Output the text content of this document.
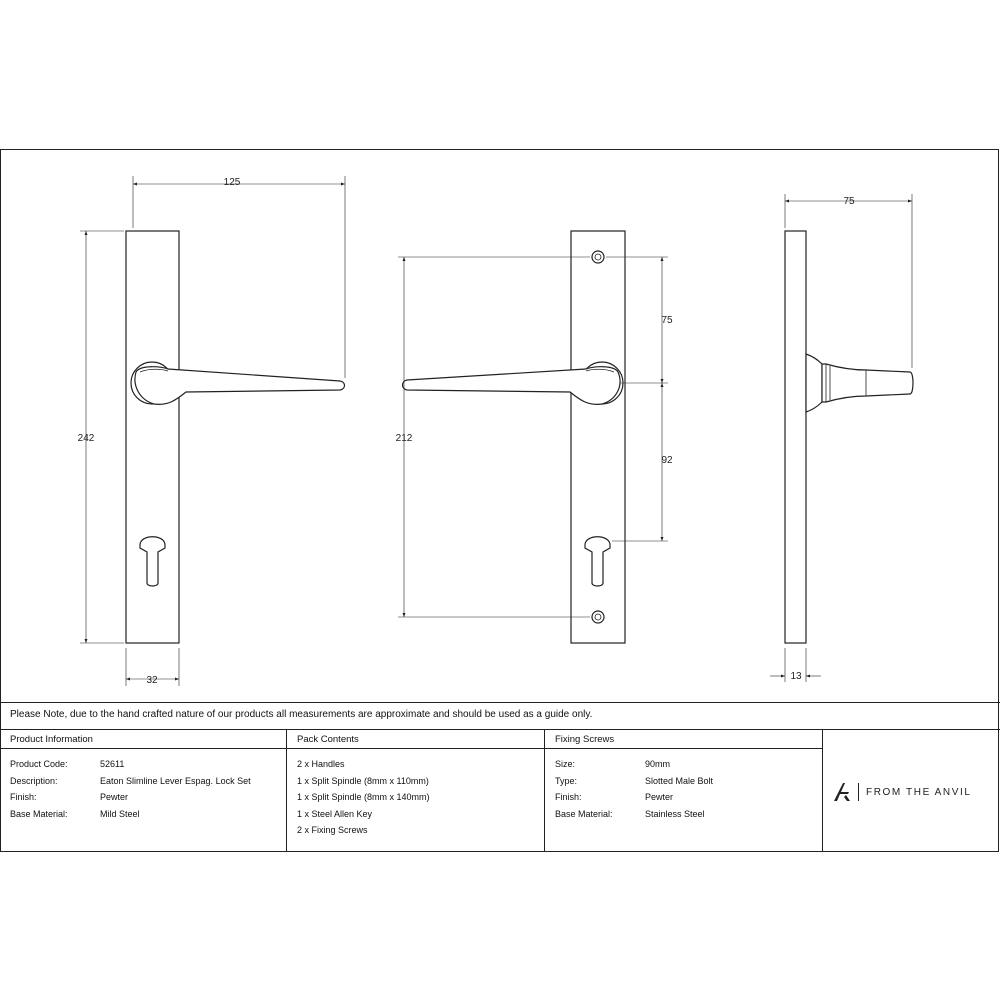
125
242
32
212
75
92
75
13
Please Note, due to the hand crafted nature of our products all measurements are approximate and should be used as a guide only.
Product Information
Product Code:	52611
Description:	Eaton Slimline Lever Espag. Lock Set
Finish:	Pewter
Base Material:	Mild Steel
Pack Contents
2 x Handles
1 x Split Spindle (8mm x 110mm)
1 x Split Spindle (8mm x 140mm)
1 x Steel Allen Key
2 x Fixing Screws
Fixing Screws
Size:	90mm
Type:	Slotted Male Bolt
Finish:	Pewter
Base Material:	Stainless Steel
FROM THE ANVIL
